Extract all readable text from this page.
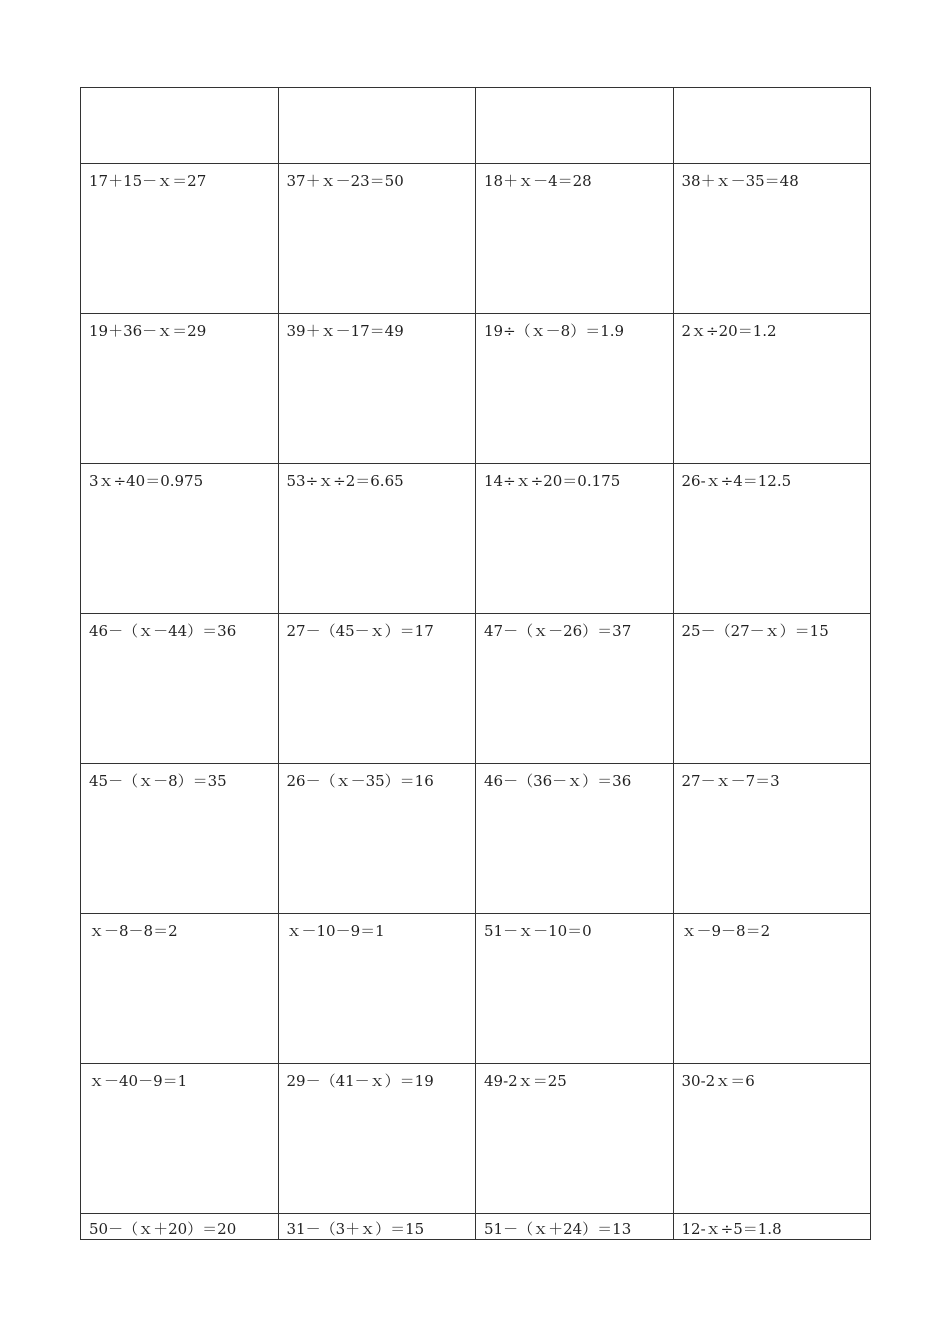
17＋15－ｘ＝27	37＋ｘ－23＝50	18＋ｘ－4＝28	38＋ｘ－35＝48
19＋36－ｘ＝29	39＋ｘ－17＝49	19÷（ｘ－8）＝1.9	2ｘ÷20＝1.2
3ｘ÷40＝0.975	53÷ｘ÷2＝6.65	14÷ｘ÷20＝0.175	26-ｘ÷4＝12.5
46－（ｘ－44）＝36	27－（45－ｘ）＝17	47－（ｘ－26）＝37	25－（27－ｘ）＝15
45－（ｘ－8）＝35	26－（ｘ－35）＝16	46－（36－ｘ）＝36	27－ｘ－7＝3
ｘ－8－8＝2	ｘ－10－9＝1	51－ｘ－10＝0	ｘ－9－8＝2
ｘ－40－9＝1	29－（41－ｘ）＝19	49-2ｘ＝25	30-2ｘ＝6
50－（ｘ＋20）＝20	31－（3＋ｘ）＝15	51－（ｘ＋24）＝13	12-ｘ÷5＝1.8
